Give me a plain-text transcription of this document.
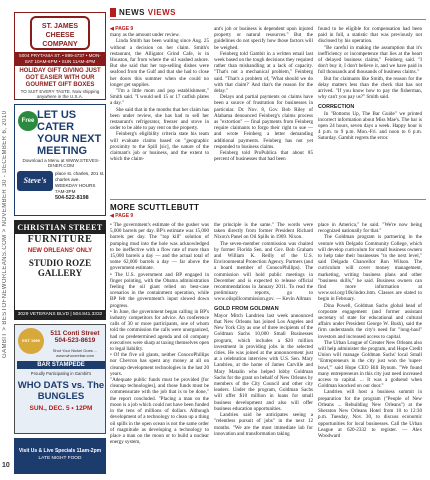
GAMBIT > BESTOFNEWORLEANS.COM > NOVEMBER 30 - DECEMBER 6, 2010
10
ST. JAMES CHEESE COMPANY
5004 PRYTANIA ST. • 899-4737 • MON-SAT 10AM-6PM • SUN 11AM-4PM
HOLIDAY GIFT GIVING JUST GOT EASIER WITH OUR GOURMET GIFT BOXES
TO SUIT EVERY TASTE. Now shipping anywhere in the U.S.A.
Free LET US CATER YOUR NEXT MEETING
Download a Menu at WWW.STEVES-DINER.COM
Steve's
place st. charles, 201 st. charles ave.
WEEKDAY HOURS 7AM-3PM
504-522-8198
CHRISTIAN STREET
FURNITURE
NEW ORLEANS' ONLY
STUDIO ROZE GALLERY
3029 VETERANS BLVD | 504.841.3332
EST 1999
511 Conti Street 504-523-8619
Shot Your Nickel Goes ... www.whocrrebar.com
BAR STAMPEDE
Proudly Participating in Gambit's
WHO DATS vs. The BUNGLES
SUN., DEC. 5 • 12PM
Visit Us & Live Specials 11am-2pm
LATE NIGHT FOOD
NEWS VIEWS

◀ PAGE 9

many as the amount under review.

Linda Smith has been waiting since Aug. 25 without a decision on her claim. Smith's restaurant, the Alligator Grind Cafe, is in Houston, far from where the oil washed ashore. But she said that her top-selling dishes were seafood from the Gulf and that she had to close her doors this summer when she could no longer get supplies.

"I'm a little mom and pop establishment," Smith said. "I would sell 15 or 17 catfish plates a day."

She said that in the months that her claim has been under review, she has had to sell her restaurant's refrigerator, freezer and stove in order to be able to pay rent on the property.

Feinberg's eligibility criteria state his team will evaluate claims based on "geographic proximity to the Spill [sic], the nature of the claimant's job or business, and the extent to which the claim-

ant's job or business is dependent upon injured property or natural resources." But the guidelines do not specify how those factors will be weighed.

Feinberg told Gambit in a written email last week based on the tough decisions they required rather than mishandling at a lack of capacity. "That's not a mechanical problem," Feinberg said. "That's a problem of, 'What should we do with that claim?' And that's the reason for the delay."

Delays and partial payments on claims have been a source of frustration for businesses in particular. Dr. Nov. 8, Gov. Bob Riley of Alabama denounced Feinberg's claims process as "extortion" — final payments from Feinberg require claimants to forgo their right to sue — and wrote Feinberg a letter demanding additional payments. Feinberg has not yet responded to business claims.

Feinberg told ProPublica that about 85 percent of businesses that had been

found to be eligible for compensation had been paid in full, a statistic that was previously not disclosed by his operation.

"Be careful in making the assumption that it's inefficiency or incompetence that lies at the heart of delayed business claims," Feinberg said. "I don't buy it, I don't believe it, and we have paid in full thousands and thousands of business claims."

But for claimants like Smith, the reason for the delay matters less than the check that has not arrived. "If you know how to pay the fisherman, why can't you pay us?" Smith said.

CORRECTION

In "Bottoms Up, The Bar Guide" we printed incorrect information about Miss Mae's. The bar is open 24 hours, seven days a week. Happy hour is 4 p.m. to 9 p.m. Mon.-Fri. and noon to 6 p.m. Saturday. Gambit regrets the error.

MORE SCUTTLEBUTT
◀ PAGE 9

• The government's estimate of the gusher was 5,000 barrels per day. BP's estimate was 15,000 barrels per day. The "top kill" solution of pumping mud into the hole was acknowledged to be ineffective with a flow rate of more than 15,000 barrels a day — and the actual total of some 62,000 barrels a day — far above the government estimate.

• The U.S. government and BP engaged in finger pointing, with the Obama administration feeling the oil giant relied on best-case scenarios in the containment operation, while BP felt the government's input slowed down progress.

• In June, the government began calling in BP's industry competitors for advice. An conference calls of 30 or more participants, one of whom told the commission the calls were unorganized, had no predetermined agenda and oil company executives were sharp at taxing themselves open to legal liability.

• Of the five oil giants, neither ConocoPhillips nor Chevron has spent any money at all on cleanup development technologies in the last 20 years.

"Adequate public funds must be provided [for cleanup technologies], and those funds must be commensurate with the job that is to be done," the report concluded. "Placing a man on the moon is a job which could not have been funded in the tens of millions of dollars. Although development of a technology to clean up a thing oil spills in the open ocean is not the same order of magnitude as developing a technology to place a man on the moon or to build a nuclear energy system,

the principle is the same." The words were taken directly from former President Richard Nixon's Panel on Oil Spills in 1969. Nixon.

The seven-member commission was chaired by former Florida Sen. and Gov. Bob Graham and William K. Reilly of the U.S. Environmental Protection Agency. Partners (and a board member of ConocoPhillips). The commission will hold public meetings in December and is expected to release official recommendations in January 2011. To read the preliminary reports, go to www.oilspillcommission.gov. — Kevin Allman

GOLD FROM GOLDMAN

Mayor Mitch Landrieu last week announced that New Orleans has joined Los Angeles and New York City as one of three recipients of the Goldman Sachs 10,000 Small Businesses program, which includes a $20 million investment in providing jobs in the selected cities. He was joined at the announcement just at a celebration interview with U.S. Sen. Mary Landrieu, at the home of James Carville and Mary Matalin who helped lobby Goldman Sachs for the grant on behalf of New Orleans by members of the City Council and other city leaders. Under the program, Goldman Sachs will offer $10 million in loans for small business development and also will offer business education opportunities.

Landrieu said he anticipates seeing a "relentless pursuit of jobs" in the next 12 months. "We are the most immediate lab for innovation and transformation taking

place in America," he said. "We're now being recognized nationally for that."

The Goldman program is partnering in the venture with Delgado Community College, which will develop curriculum for small business owners to help take their businesses "to the next level," said Delgado Chancellor Ron Wilson. The curriculum will cover money management, marketing, writing business plans and other "business skills," he said. Business owners can find more information at www.sol.org/10k/index.htm. Classes are slated to begin in February.

Dina Powell, Goldman Sachs global head of corporate engagement (and former assistant secretary of state for educational and cultural affairs under President George W. Bush), said the firm understands the city's need for "long-haul" investors and increased access to capital.

The Urban League of Greater New Orleans also will help administer the program, and Hope Credit Union will manage Goldman Sachs' local Small "Entrepreneurs in the city just won the 'super-bowl,'" said Hope CEO Bill Bynum. "We found many entrepreneurs in this city just need increased access to capital. ... It was a godsend when Goldman knocked on our door."

Landrieu will host a business summit in preparation for the program ("People of New Orleans ... Rebuilding New Orleans") at the Sheraton New Orleans Hotel from 10 to 12:30 p.m. Tuesday, Nov. 30, to discuss economic opportunities for local businesses. Call the Urban League at 620-2332 to register. — Alex Woodward
